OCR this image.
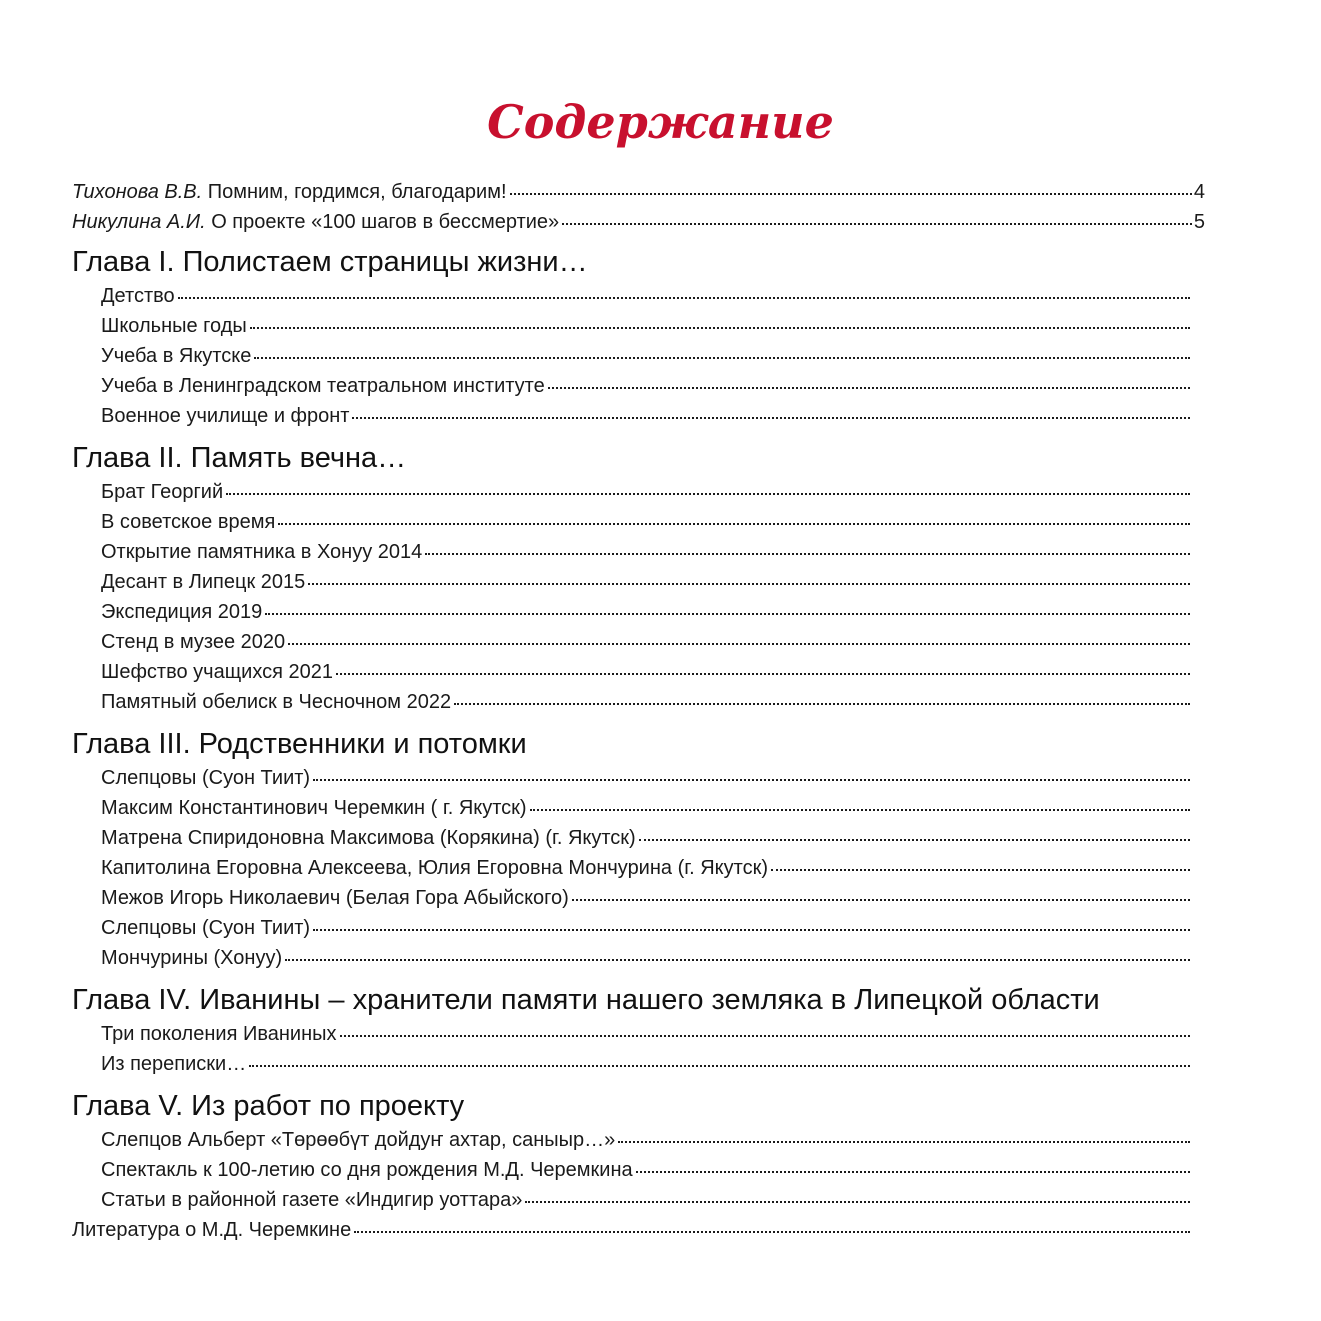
Содержание
Тихонова В.В. Помним, гордимся, благодарим!	4
Никулина А.И. О проекте «100 шагов в бессмертие»	5
Глава I. Полистаем страницы жизни…
Детство
Школьные годы
Учеба в Якутске
Учеба в Ленинградском театральном институте
Военное училище и фронт
Глава II. Память вечна…
Брат Георгий
В советское время
Открытие памятника в Хонуу 2014
Десант в Липецк 2015
Экспедиция 2019
Стенд в музее 2020
Шефство учащихся 2021
Памятный обелиск в Чесночном 2022
Глава III. Родственники и потомки
Слепцовы (Суон Тиит)
Максим Константинович Черемкин ( г. Якутск)
Матрена Спиридоновна Максимова (Корякина) (г. Якутск)
Капитолина Егоровна Алексеева, Юлия Егоровна Мончурина (г. Якутск)
Межов Игорь Николаевич (Белая Гора Абыйского)
Слепцовы (Суон Тиит)
Мончурины (Хонуу)
Глава IV. Иванины – хранители памяти нашего земляка в Липецкой области
Три поколения Иваниных
Из переписки…
Глава V. Из работ по проекту
Слепцов Альберт «Төрөөбүт дойдуҥ ахтар, саныыр…»
Спектакль к 100-летию со дня рождения М.Д. Черемкина
Статьи в районной газете «Индигир уоттара»
Литература о М.Д. Черемкине
